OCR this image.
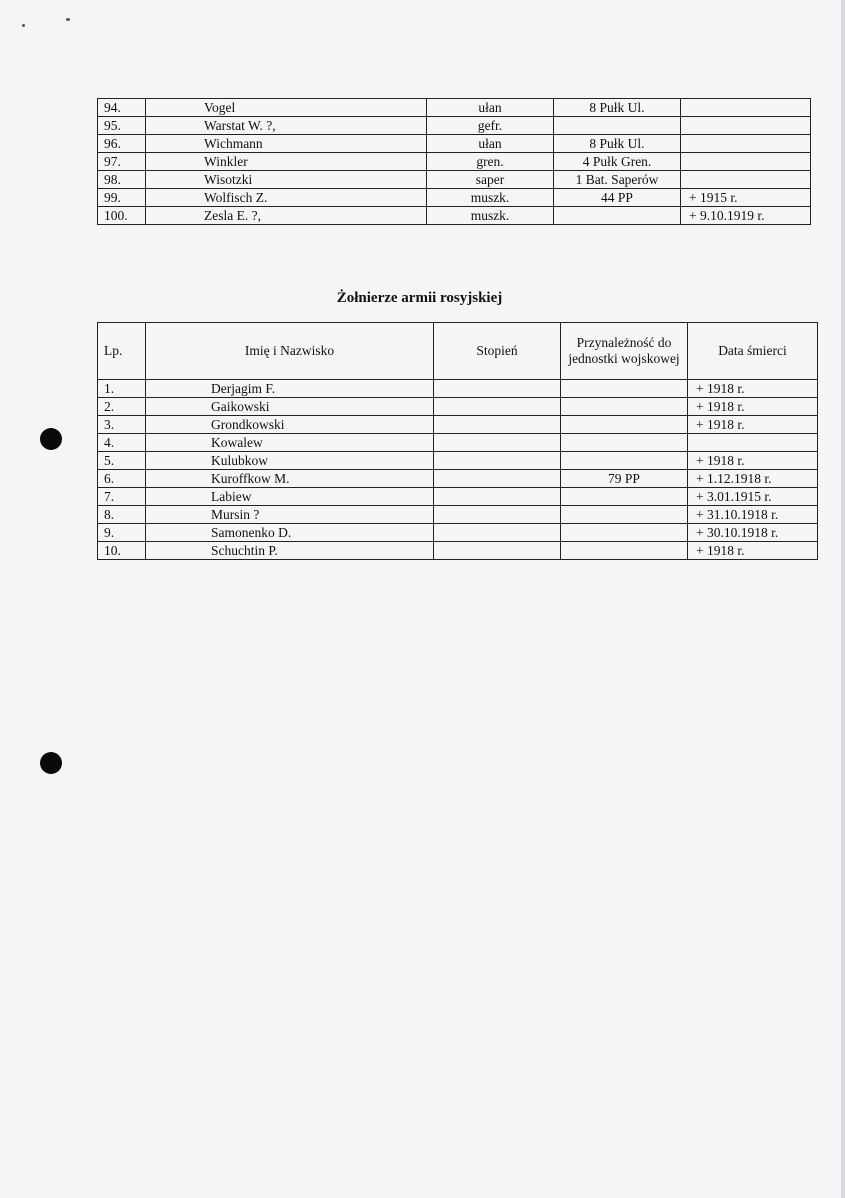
94.	Vogel	ułan	8 Pułk Ul.	
95.	Warstat W. ?,	gefr.		
96.	Wichmann	ułan	8 Pułk Ul.	
97.	Winkler	gren.	4 Pułk Gren.	
98.	Wisotzki	saper	1 Bat. Saperów	
99.	Wolfisch Z.	muszk.	44 PP	+ 1915 r.
100.	Zesla E. ?,	muszk.		+ 9.10.1919 r.
Żołnierze armii rosyjskiej
Lp.	Imię i Nazwisko	Stopień	Przynależność do jednostki wojskowej	Data śmierci
1.	Derjagim F.			+ 1918 r.
2.	Gaikowski			+ 1918 r.
3.	Grondkowski			+ 1918 r.
4.	Kowalew			
5.	Kulubkow			+ 1918 r.
6.	Kuroffkow M.		79 PP	+ 1.12.1918 r.
7.	Labiew			+ 3.01.1915 r.
8.	Mursin ?			+ 31.10.1918 r.
9.	Samonenko D.			+ 30.10.1918 r.
10.	Schuchtin P.			+ 1918 r.
